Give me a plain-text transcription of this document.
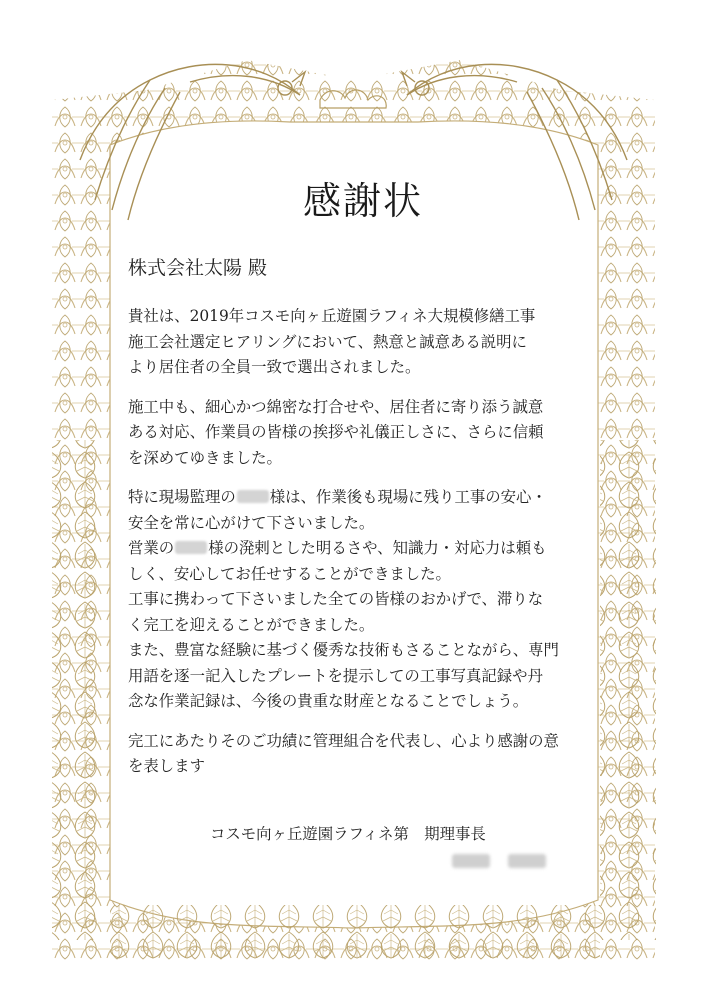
感謝状
株式会社太陽 殿
貴社は、2019年コスモ向ヶ丘遊園ラフィネ大規模修繕工事
施工会社選定ヒアリングにおいて、熱意と誠意ある説明に
より居住者の全員一致で選出されました。
施工中も、細心かつ綿密な打合せや、居住者に寄り添う誠意
ある対応、作業員の皆様の挨拶や礼儀正しさに、さらに信頼
を深めてゆきました。
特に現場監理の 様は、作業後も現場に残り工事の安心・
安全を常に心がけて下さいました。
営業の 様の溌剌とした明るさや、知識力・対応力は頼も
しく、安心してお任せすることができました。
工事に携わって下さいました全ての皆様のおかげで、滞りな
く完工を迎えることができました。
また、豊富な経験に基づく優秀な技術もさることながら、専門
用語を逐一記入したプレートを提示しての工事写真記録や丹
念な作業記録は、今後の貴重な財産となることでしょう。
完工にあたりそのご功績に管理組合を代表し、心より感謝の意
を表します
コスモ向ヶ丘遊園ラフィネ第　期理事長
